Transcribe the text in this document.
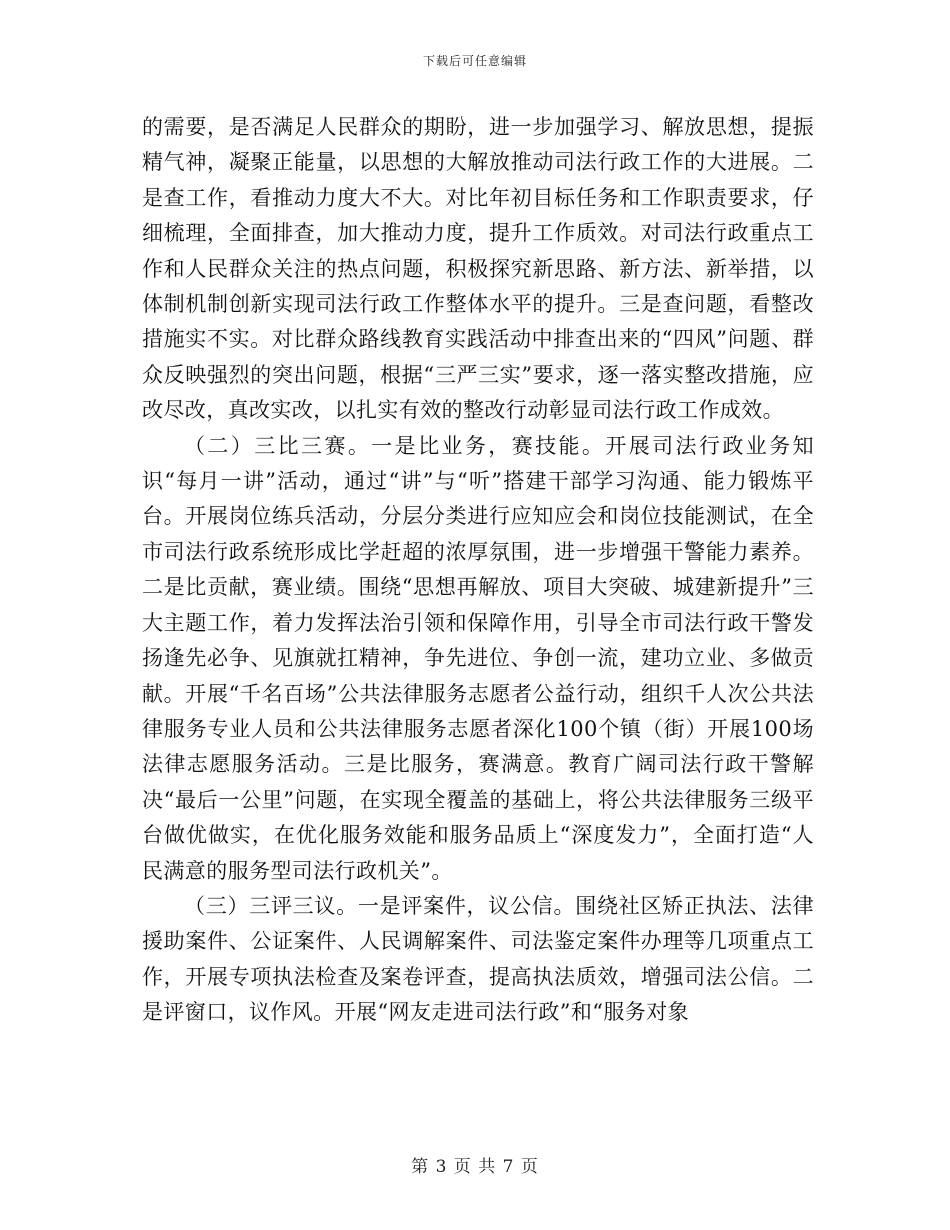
下载后可任意编辑

的需要，是否满足人民群众的期盼，进一步加强学习、解放思想，提振精气神，凝聚正能量，以思想的大解放推动司法行政工作的大进展。二是查工作，看推动力度大不大。对比年初目标任务和工作职责要求，仔细梳理，全面排查，加大推动力度，提升工作质效。对司法行政重点工作和人民群众关注的热点问题，积极探究新思路、新方法、新举措，以体制机制创新实现司法行政工作整体水平的提升。三是查问题，看整改措施实不实。对比群众路线教育实践活动中排查出来的“四风”问题、群众反映强烈的突出问题，根据“三严三实”要求，逐一落实整改措施，应改尽改，真改实改，以扎实有效的整改行动彰显司法行政工作成效。

（二）三比三赛。一是比业务，赛技能。开展司法行政业务知识“每月一讲”活动，通过“讲”与“听”搭建干部学习沟通、能力锻炼平台。开展岗位练兵活动，分层分类进行应知应会和岗位技能测试，在全市司法行政系统形成比学赶超的浓厚氛围，进一步增强干警能力素养。二是比贡献，赛业绩。围绕“思想再解放、项目大突破、城建新提升”三大主题工作，着力发挥法治引领和保障作用，引导全市司法行政干警发扬逢先必争、见旗就扛精神，争先进位、争创一流，建功立业、多做贡献。开展“千名百场”公共法律服务志愿者公益行动，组织千人次公共法律服务专业人员和公共法律服务志愿者深化100个镇（街）开展100场法律志愿服务活动。三是比服务，赛满意。教育广阔司法行政干警解决“最后一公里”问题，在实现全覆盖的基础上，将公共法律服务三级平台做优做实，在优化服务效能和服务品质上“深度发力”，全面打造“人民满意的服务型司法行政机关”。

（三）三评三议。一是评案件，议公信。围绕社区矫正执法、法律援助案件、公证案件、人民调解案件、司法鉴定案件办理等几项重点工作，开展专项执法检查及案卷评查，提高执法质效，增强司法公信。二是评窗口，议作风。开展“网友走进司法行政”和“服务对象

第 3 页 共 7 页
